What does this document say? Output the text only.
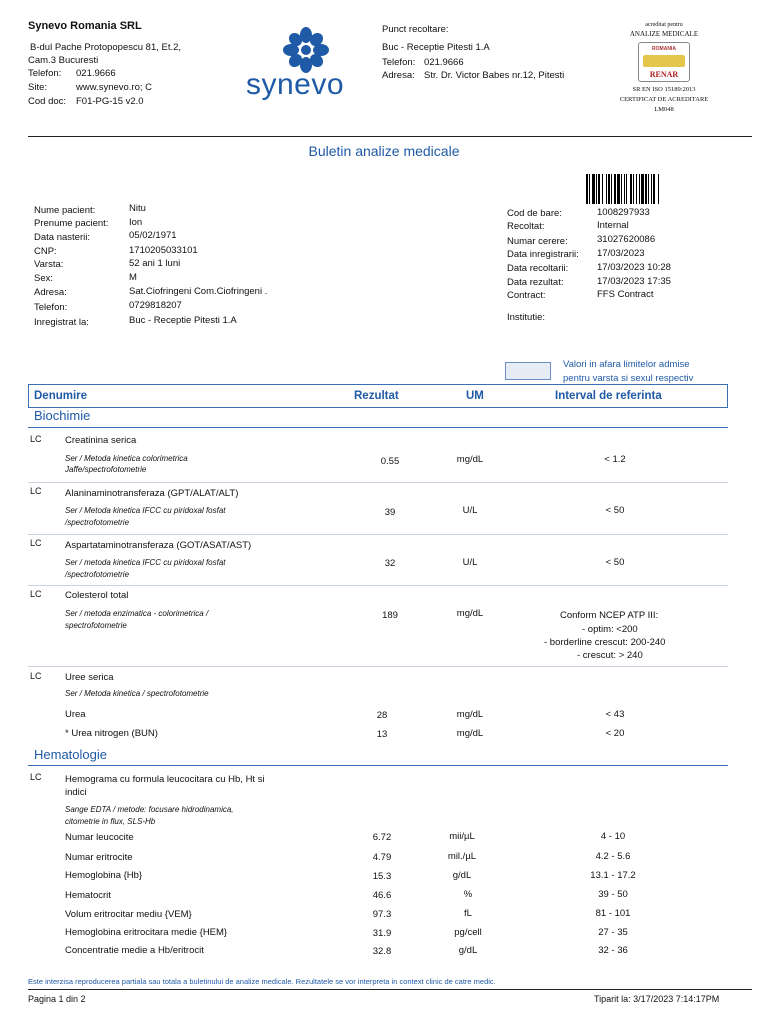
Synevo Romania SRL
B-dul Pache Protopopescu 81, Et.2,
Cam.3 Bucuresti
Telefon: 021.9666
Site:	www.synevo.ro; C
Cod doc: F01-PG-15 v2.0
synevo
Punct recoltare:
Buc - Receptie Pitesti 1.A
Telefon: 021.9666
Adresa: Str. Dr. Victor Babes nr.12, Pitesti
acreditat pentru
ANALIZE MEDICALE
ROMANIA
RENAR
SR EN ISO 15189:2013
CERTIFICAT DE ACREDITARE
LM048
Buletin analize medicale
Nume pacient:	Nitu
Prenume pacient: Ion
Data nasterii:	05/02/1971
CNP:	1710205033101
Varsta:	52 ani 1 luni
Sex:	M
Adresa:	Sat.Ciofringeni Com.Ciofringeni .
Telefon:	0729818207
Inregistrat la:	Buc - Receptie Pitesti 1.A
Cod de bare:	1008297933
Recoltat:	Internal
Numar cerere:	31027620086
Data inregistrarii: 17/03/2023
Data recoltarii:	17/03/2023 10:28
Data rezultat:	17/03/2023 17:35
Contract:	FFS Contract
Institutie:
Valori in afara limitelor admise
pentru varsta si sexul respectiv
Denumire	Rezultat	UM	Interval de referinta
Biochimie
LC Creatinina serica
Ser / Metoda kinetica colorimetrica
Jaffe/spectrofotometrie
0.55	mg/dL	< 1.2
LC Alaninaminotransferaza (GPT/ALAT/ALT)
Ser / Metoda kinetica IFCC cu piridoxal fosfat
/spectrofotometrie
39	U/L	< 50
LC Aspartataminotransferaza (GOT/ASAT/AST)
Ser / metoda kinetica IFCC cu piridoxal fosfat
/spectrofotometrie
32	U/L	< 50
LC Colesterol total
Ser / metoda enzimatica - colorimetrica /
spectrofotometrie
189	mg/dL	Conform NCEP ATP III:
- optim: <200
- borderline crescut: 200-240
- crescut: > 240
LC Uree serica
Ser / Metoda kinetica / spectrofotometrie
Urea	28	mg/dL	< 43
* Urea nitrogen (BUN)	13	mg/dL	< 20
Hematologie
LC Hemograma cu formula leucocitara cu Hb, Ht si
indici
Sange EDTA / metode: focusare hidrodinamica,
citometrie in flux, SLS-Hb
Numar leucocite	6.72	mii/µL	4 - 10
Numar eritrocite	4.79	mil./µL	4.2 - 5.6
Hemoglobina {Hb}	15.3	g/dL	13.1 - 17.2
Hematocrit	46.6	%	39 - 50
Volum eritrocitar mediu {VEM}	97.3	fL	81 - 101
Hemoglobina eritrocitara medie {HEM}	31.9	pg/cell	27 - 35
Concentratie medie a Hb/eritrocit	32.8	g/dL	32 - 36
Este interzisa reproducerea partiala sau totala a buletinului de analize medicale. Rezultatele se vor interpreta in context clinic de catre medic.
Pagina 1 din 2	Tiparit la: 3/17/2023 7:14:17PM
